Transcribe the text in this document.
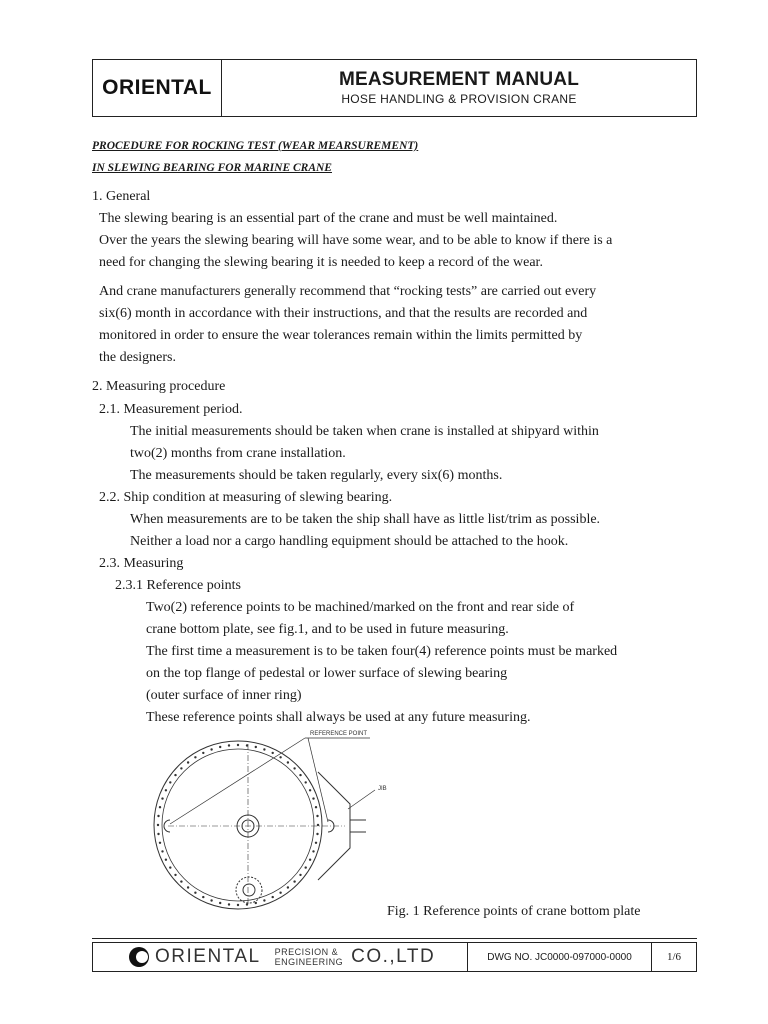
ORIENTAL	MEASUREMENT MANUAL
HOSE HANDLING & PROVISION CRANE
PROCEDURE FOR ROCKING TEST (WEAR MEARSUREMENT)
IN SLEWING BEARING FOR MARINE CRANE
1. General
The slewing bearing is an essential part of the crane and must be well maintained.
Over the years the slewing bearing will have some wear, and to be able to know if there is a
need for changing the slewing bearing it is needed to keep a record of the wear.
And crane manufacturers generally recommend that “rocking tests” are carried out every
six(6) month in accordance with their instructions, and that the results are recorded and
monitored in order to ensure the wear tolerances remain within the limits permitted by
the designers.
2. Measuring procedure
2.1. Measurement period.
The initial measurements should be taken when crane is installed at shipyard within
two(2) months from crane installation.
The measurements should be taken regularly, every six(6) months.
2.2. Ship condition at measuring of slewing bearing.
When measurements are to be taken the ship shall have as little list/trim as possible.
Neither a load nor a cargo handling equipment should be attached to the hook.
2.3. Measuring
2.3.1 Reference points
Two(2) reference points to be machined/marked on the front and rear side of
crane bottom plate, see fig.1, and to be used in future measuring.
The first time a measurement is to be taken four(4) reference points must be marked
on the top flange of pedestal or lower surface of slewing bearing
(outer surface of inner ring)
These reference points shall always be used at any future measuring.
REFERENCE POINT
JIB
Fig. 1 Reference points of crane bottom plate
ORIENTAL PRECISION &
ENGINEERING CO.,LTD	DWG NO. JC0000-097000-0000	1/6
